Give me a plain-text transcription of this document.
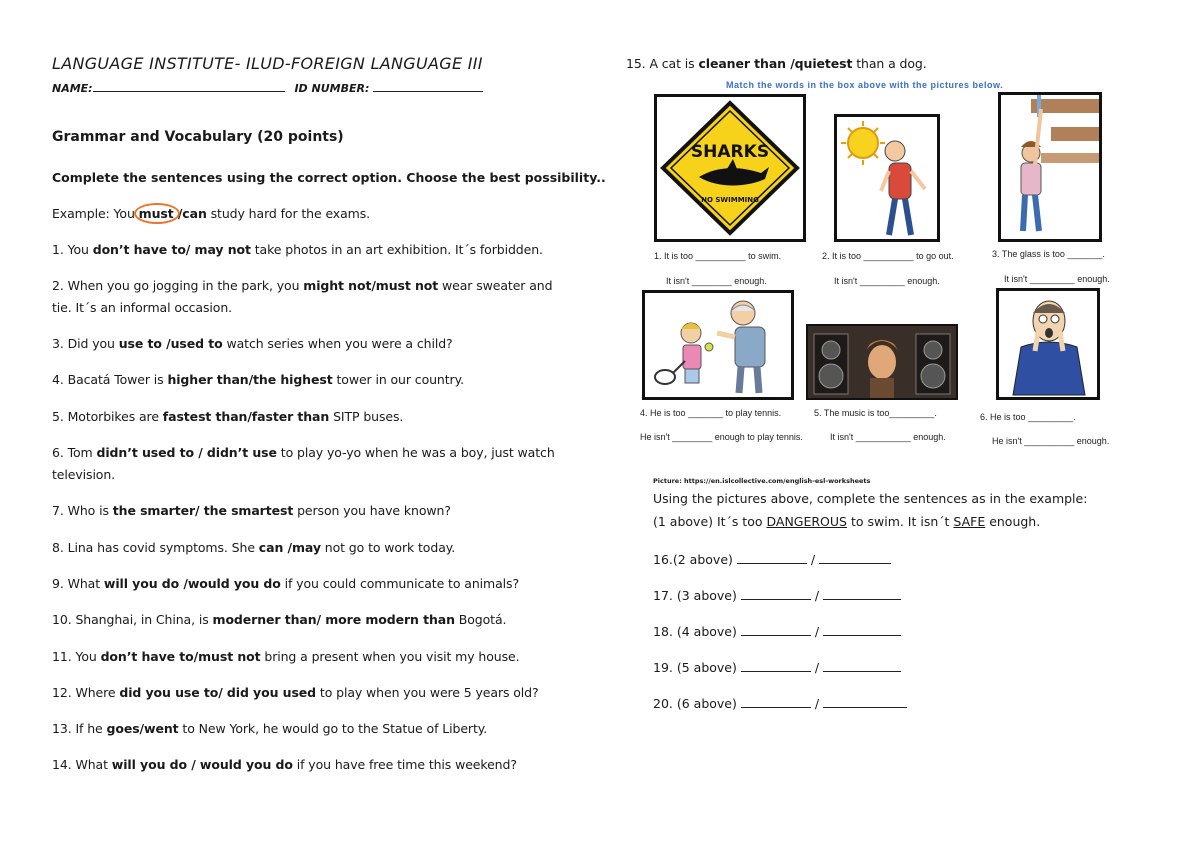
LANGUAGE INSTITUTE- ILUD-FOREIGN LANGUAGE III
NAME:	ID NUMBER:
Grammar and Vocabulary (20 points)
Complete the sentences using the correct option. Choose the best possibility..
Example: You must /can study hard for the exams.
1. You don’t have to/ may not take photos in an art exhibition. It´s forbidden.
2. When you go jogging in the park, you might not/must not wear sweater and
tie. It´s an informal occasion.
3. Did you use to /used to watch series when you were a child?
4. Bacatá Tower is higher than/the highest tower in our country.
5. Motorbikes are fastest than/faster than SITP buses.
6. Tom didn’t used to / didn’t use to play yo-yo when he was a boy, just watch
television.
7. Who is the smarter/ the smartest person you have known?
8. Lina has covid symptoms. She can /may not go to work today.
9. What will you do /would you do if you could communicate to animals?
10. Shanghai, in China, is moderner than/ more modern than Bogotá.
11. You don’t have to/must not bring a present when you visit my house.
12. Where did you use to/ did you used to play when you were 5 years old?
13. If he goes/went to New York, he would go to the Statue of Liberty.
14. What will you do / would you do if you have free time this weekend?
15. A cat is cleaner than /quietest than a dog.
Match the words in the box above with the pictures below.
SHARKS
NO SWIMMING
1. It is too __________ to swim.
It isn't ________ enough.
2. It is too __________ to go out.
It isn't _________ enough.
3. The glass is too _______.
It isn't _________ enough.
4. He is too _______ to play tennis.
He isn't ________ enough to play tennis.
5. The music is too_________.
It isn't ___________ enough.
6. He is too _________.
He isn't __________ enough.
Picture: https://en.islcollective.com/english-esl-worksheets
Using the pictures above, complete the sentences as in the example:
(1 above) It´s too DANGEROUS to swim. It isn´t SAFE enough.
16.(2 above)	/
17. (3 above)	/
18. (4 above)	/
19. (5 above)	/
20. (6 above)	/
